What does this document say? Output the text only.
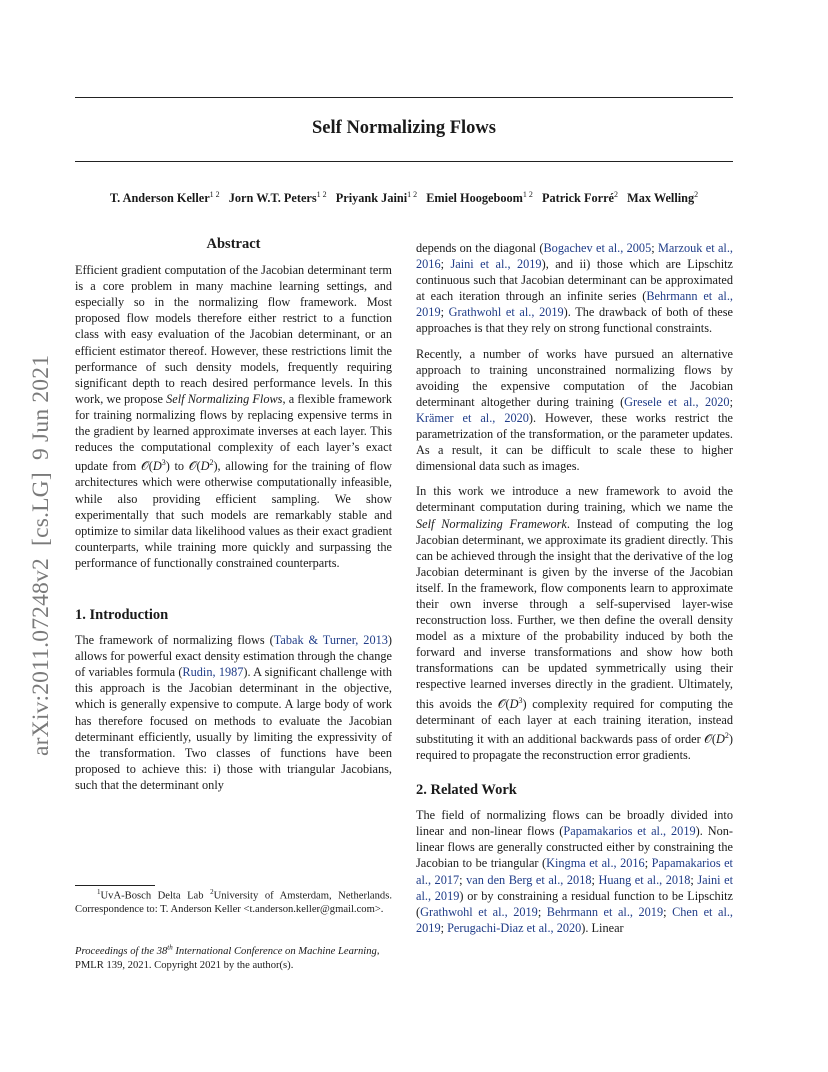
Self Normalizing Flows
T. Anderson Keller$^{1 2}$ Jorn W.T. Peters$^{1 2}$ Priyank Jaini$^{1 2}$ Emiel Hoogeboom$^{1 2}$ Patrick Forré$^2$ Max Welling$^2$
arXiv:2011.07248v2  [cs.LG]  9 Jun 2021
Abstract

Efficient gradient computation of the Jacobian determinant term is a core problem in many machine learning settings, and especially so in the normalizing flow framework. Most proposed flow models therefore either restrict to a function class with easy evaluation of the Jacobian determinant, or an efficient estimator thereof. However, these restrictions limit the performance of such density models, frequently requiring significant depth to reach desired performance levels. In this work, we propose Self Normalizing Flows, a flexible framework for training normalizing flows by replacing expensive terms in the gradient by learned approximate inverses at each layer. This reduces the computational complexity of each layer’s exact update from $𝒪(D^3)$ to $𝒪(D^2)$, allowing for the training of flow architectures which were otherwise computationally infeasible, while also providing efficient sampling. We show experimentally that such models are remarkably stable and optimize to similar data likelihood values as their exact gradient counterparts, while training more quickly and surpassing the performance of functionally constrained counterparts.

1. Introduction

The framework of normalizing flows (Tabak & Turner, 2013) allows for powerful exact density estimation through the change of variables formula (Rudin, 1987). A significant challenge with this approach is the Jacobian determinant in the objective, which is generally expensive to compute. A large body of work has therefore focused on methods to evaluate the Jacobian determinant efficiently, usually by limiting the expressivity of the transformation. Two classes of functions have been proposed to achieve this: i) those with triangular Jacobians, such that the determinant only

$^1$UvA-Bosch Delta Lab $^2$University of Amsterdam, Netherlands. Correspondence to: T. Anderson Keller <t.anderson.keller@gmail.com>.
Proceedings of the 38th International Conference on Machine Learning, PMLR 139, 2021. Copyright 2021 by the author(s).

depends on the diagonal (Bogachev et al., 2005; Marzouk et al., 2016; Jaini et al., 2019), and ii) those which are Lipschitz continuous such that Jacobian determinant can be approximated at each iteration through an infinite series (Behrmann et al., 2019; Grathwohl et al., 2019). The drawback of both of these approaches is that they rely on strong functional constraints.

Recently, a number of works have pursued an alternative approach to training unconstrained normalizing flows by avoiding the expensive computation of the Jacobian determinant altogether during training (Gresele et al., 2020; Krämer et al., 2020). However, these works restrict the parametrization of the transformation, or the parameter updates. As a result, it can be difficult to scale these to higher dimensional data such as images.

In this work we introduce a new framework to avoid the determinant computation during training, which we name the Self Normalizing Framework. Instead of computing the log Jacobian determinant, we approximate its gradient directly. This can be achieved through the insight that the derivative of the log Jacobian determinant is given by the inverse of the Jacobian itself. In the framework, flow components learn to approximate their own inverse through a self-supervised layer-wise reconstruction loss. Further, we then define the overall density model as a mixture of the probability induced by both the forward and inverse transformations and show how both transformations can be updated symmetrically using their respective learned inverses directly in the gradient. Ultimately, this avoids the $𝒪(D^3)$ complexity required for computing the determinant of each layer at each training iteration, instead substituting it with an additional backwards pass of order $𝒪(D^2)$ required to propagate the reconstruction error gradients.

2. Related Work

The field of normalizing flows can be broadly divided into linear and non-linear flows (Papamakarios et al., 2019). Non-linear flows are generally constructed either by constraining the Jacobian to be triangular (Kingma et al., 2016; Papamakarios et al., 2017; van den Berg et al., 2018; Huang et al., 2018; Jaini et al., 2019) or by constraining a residual function to be Lipschitz (Grathwohl et al., 2019; Behrmann et al., 2019; Chen et al., 2019; Perugachi-Diaz et al., 2020). Linear
